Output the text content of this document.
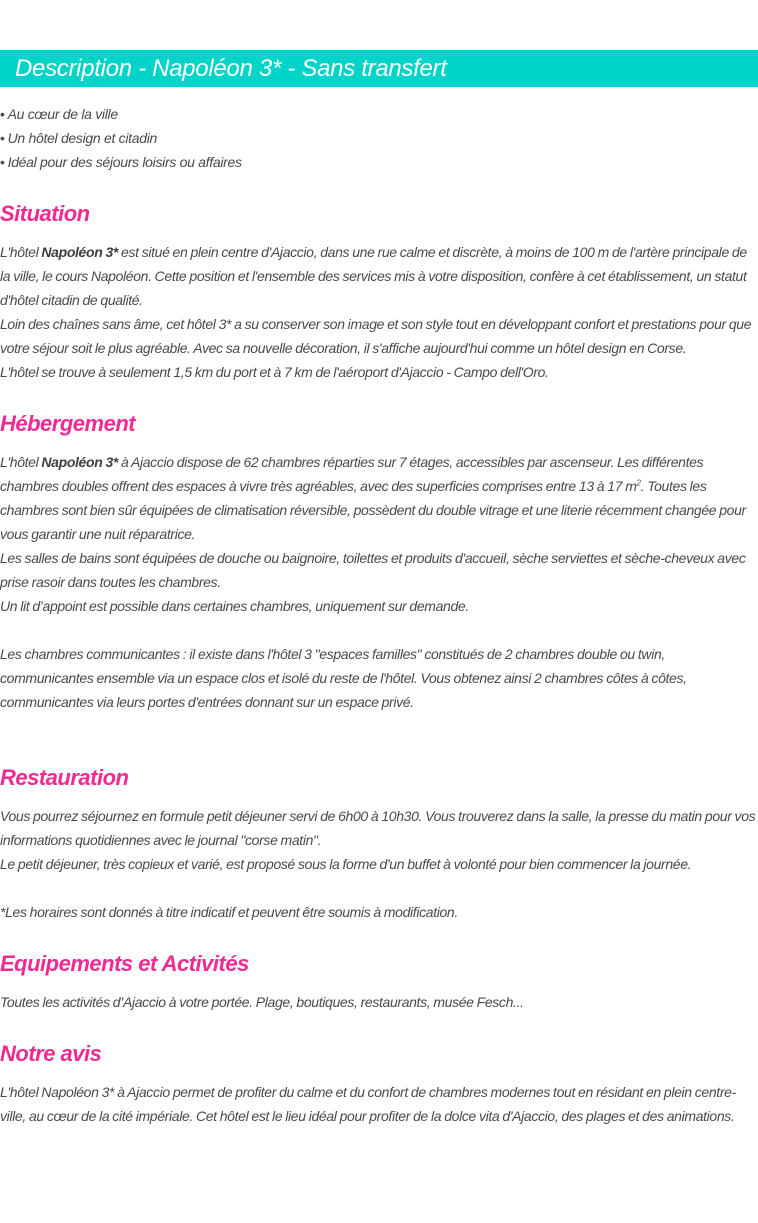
Description - Napoléon 3* - Sans transfert
• Au cœur de la ville
• Un hôtel design et citadin
• Idéal pour des séjours loisirs ou affaires
Situation

L'hôtel Napoléon 3* est situé en plein centre d'Ajaccio, dans une rue calme et discrète, à moins de 100 m de l'artère principale de la ville, le cours Napoléon. Cette position et l'ensemble des services mis à votre disposition, confère à cet établissement, un statut d'hôtel citadin de qualité.

Loin des chaînes sans âme, cet hôtel 3* a su conserver son image et son style tout en développant confort et prestations pour que votre séjour soit le plus agréable. Avec sa nouvelle décoration, il s'affiche aujourd'hui comme un hôtel design en Corse.

L'hôtel se trouve à seulement 1,5 km du port et à 7 km de l'aéroport d'Ajaccio - Campo dell'Oro.

Hébergement

L'hôtel Napoléon 3* à Ajaccio dispose de 62 chambres réparties sur 7 étages, accessibles par ascenseur. Les différentes chambres doubles offrent des espaces à vivre très agréables, avec des superficies comprises entre 13 à 17 $m^2$. Toutes les chambres sont bien sûr équipées de climatisation réversible, possèdent du double vitrage et une literie récemment changée pour vous garantir une nuit réparatrice.

Les salles de bains sont équipées de douche ou baignoire, toilettes et produits d'accueil, sèche serviettes et sèche-cheveux avec prise rasoir dans toutes les chambres.

Un lit d’appoint est possible dans certaines chambres, uniquement sur demande.

Les chambres communicantes : il existe dans l'hôtel 3 "espaces familles" constitués de 2 chambres double ou twin, communicantes ensemble via un espace clos et isolé du reste de l'hôtel. Vous obtenez ainsi 2 chambres côtes à côtes, communicantes via leurs portes d'entrées donnant sur un espace privé.

Restauration

Vous pourrez séjournez en formule petit déjeuner servi de 6h00 à 10h30. Vous trouverez dans la salle, la presse du matin pour vos informations quotidiennes avec le journal "corse matin".

Le petit déjeuner, très copieux et varié, est proposé sous la forme d'un buffet à volonté pour bien commencer la journée.

*Les horaires sont donnés à titre indicatif et peuvent être soumis à modification.

Equipements et Activités

Toutes les activités d’Ajaccio à votre portée. Plage, boutiques, restaurants, musée Fesch...

Notre avis

L'hôtel Napoléon 3* à Ajaccio permet de profiter du calme et du confort de chambres modernes tout en résidant en plein centre-ville, au cœur de la cité impériale. Cet hôtel est le lieu idéal pour profiter de la dolce vita d'Ajaccio, des plages et des animations.
